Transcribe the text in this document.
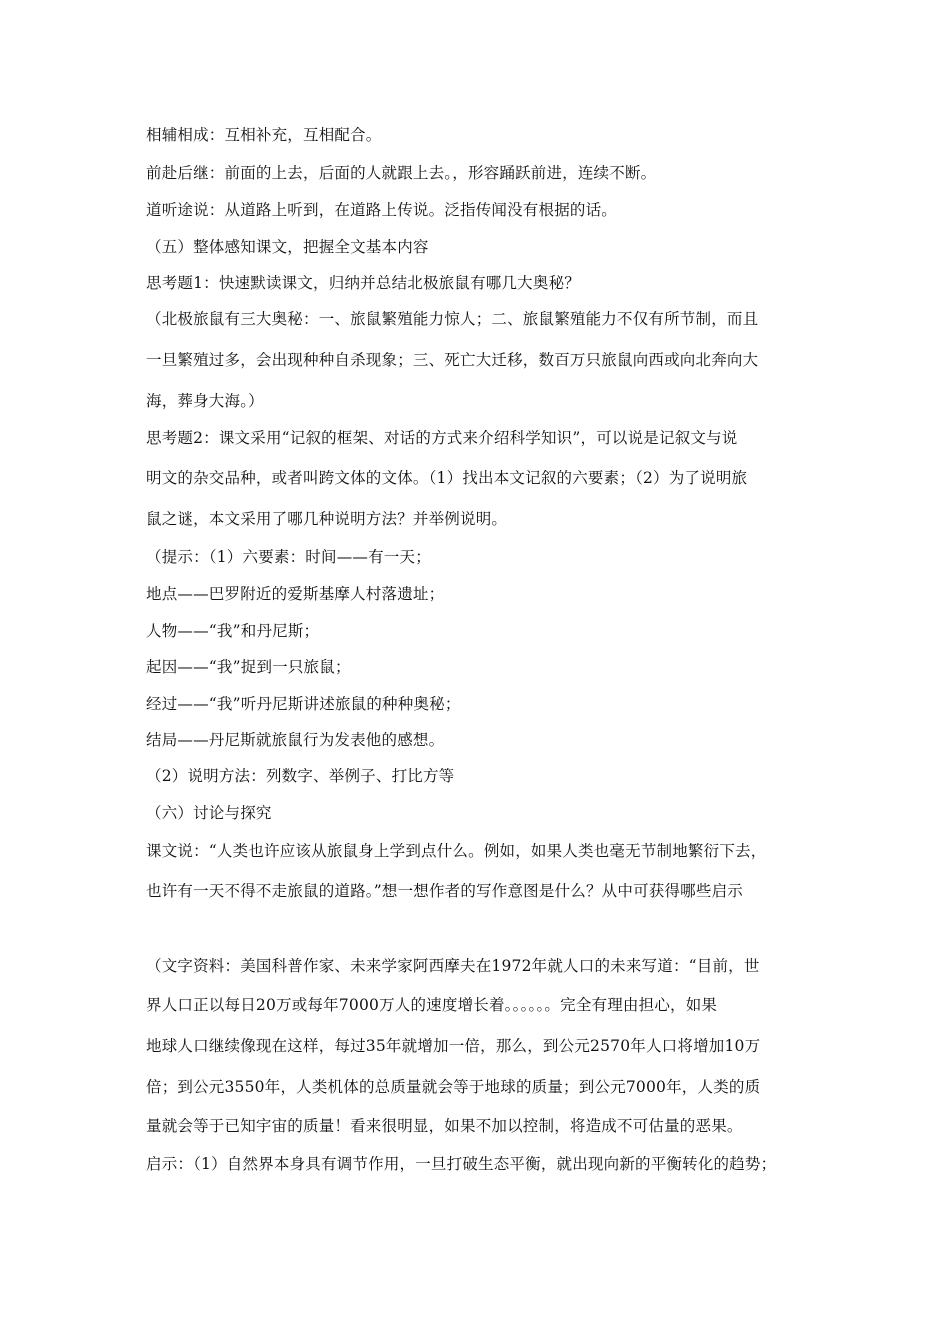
相辅相成：互相补充，互相配合。
前赴后继：前面的上去，后面的人就跟上去。，形容踊跃前进，连续不断。
道听途说：从道路上听到，在道路上传说。泛指传闻没有根据的话。
（五）整体感知课文，把握全文基本内容
思考题1：快速默读课文，归纳并总结北极旅鼠有哪几大奥秘？
（北极旅鼠有三大奥秘：一、旅鼠繁殖能力惊人；二、旅鼠繁殖能力不仅有所节制，而且
一旦繁殖过多，会出现种种自杀现象；三、死亡大迁移，数百万只旅鼠向西或向北奔向大
海，葬身大海。）
思考题2：课文采用“记叙的框架、对话的方式来介绍科学知识”，可以说是记叙文与说
明文的杂交品种，或者叫跨文体的文体。（1）找出本文记叙的六要素；（2）为了说明旅
鼠之谜，本文采用了哪几种说明方法？并举例说明。
（提示：（1）六要素：时间——有一天；
地点——巴罗附近的爱斯基摩人村落遗址；
人物——“我”和丹尼斯；
起因——“我”捉到一只旅鼠；
经过——“我”听丹尼斯讲述旅鼠的种种奥秘；
结局——丹尼斯就旅鼠行为发表他的感想。
（2）说明方法：列数字、举例子、打比方等
（六）讨论与探究
课文说：“人类也许应该从旅鼠身上学到点什么。例如，如果人类也毫无节制地繁衍下去，
也许有一天不得不走旅鼠的道路。”想一想作者的写作意图是什么？从中可获得哪些启示
（文字资料：美国科普作家、未来学家阿西摩夫在1972年就人口的未来写道：“目前，世
界人口正以每日20万或每年7000万人的速度增长着。。。。。。完全有理由担心，如果
地球人口继续像现在这样，每过35年就增加一倍，那么，到公元2570年人口将增加10万
倍；到公元3550年，人类机体的总质量就会等于地球的质量；到公元7000年，人类的质
量就会等于已知宇宙的质量！看来很明显，如果不加以控制，将造成不可估量的恶果。
启示：（1）自然界本身具有调节作用，一旦打破生态平衡，就出现向新的平衡转化的趋势；
